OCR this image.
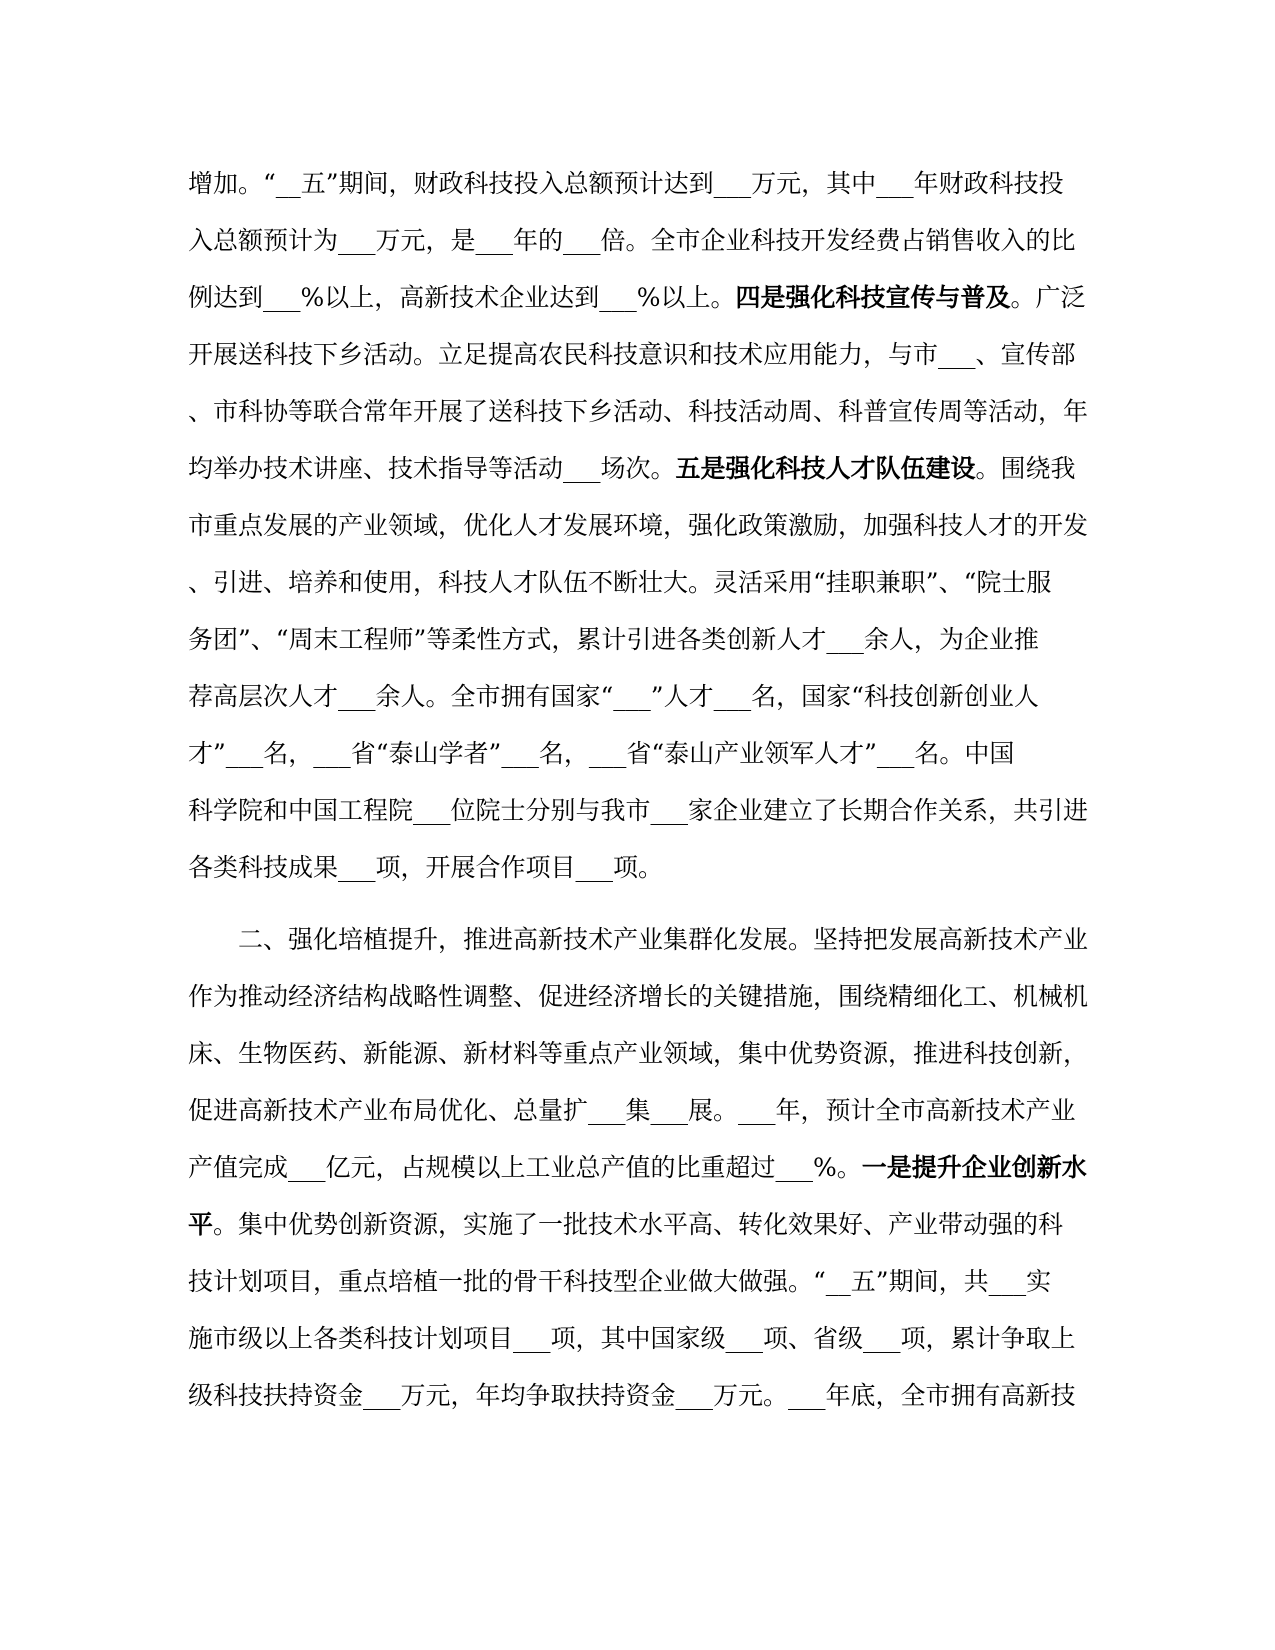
增加。“__五”期间，财政科技投入总额预计达到___万元，其中___年财政科技投
入总额预计为___万元，是___年的___倍。全市企业科技开发经费占销售收入的比
例达到___%以上，高新技术企业达到___%以上。四是强化科技宣传与普及。广泛
开展送科技下乡活动。立足提高农民科技意识和技术应用能力，与市___、宣传部
、市科协等联合常年开展了送科技下乡活动、科技活动周、科普宣传周等活动，年
均举办技术讲座、技术指导等活动___场次。五是强化科技人才队伍建设。围绕我
市重点发展的产业领域，优化人才发展环境，强化政策激励，加强科技人才的开发
、引进、培养和使用，科技人才队伍不断壮大。灵活采用“挂职兼职”、“院士服
务团”、“周末工程师”等柔性方式，累计引进各类创新人才___余人，为企业推
荐高层次人才___余人。全市拥有国家“___”人才___名，国家“科技创新创业人
才”___名，___省“泰山学者”___名，___省“泰山产业领军人才”___名。中国
科学院和中国工程院___位院士分别与我市___家企业建立了长期合作关系，共引进
各类科技成果___项，开展合作项目___项。
二、强化培植提升，推进高新技术产业集群化发展。坚持把发展高新技术产业
作为推动经济结构战略性调整、促进经济增长的关键措施，围绕精细化工、机械机
床、生物医药、新能源、新材料等重点产业领域，集中优势资源，推进科技创新，
促进高新技术产业布局优化、总量扩___集___展。___年，预计全市高新技术产业
产值完成___亿元，占规模以上工业总产值的比重超过___%。一是提升企业创新水
平。集中优势创新资源，实施了一批技术水平高、转化效果好、产业带动强的科
技计划项目，重点培植一批的骨干科技型企业做大做强。“__五”期间，共___实
施市级以上各类科技计划项目___项，其中国家级___项、省级___项，累计争取上
级科技扶持资金___万元，年均争取扶持资金___万元。___年底，全市拥有高新技
